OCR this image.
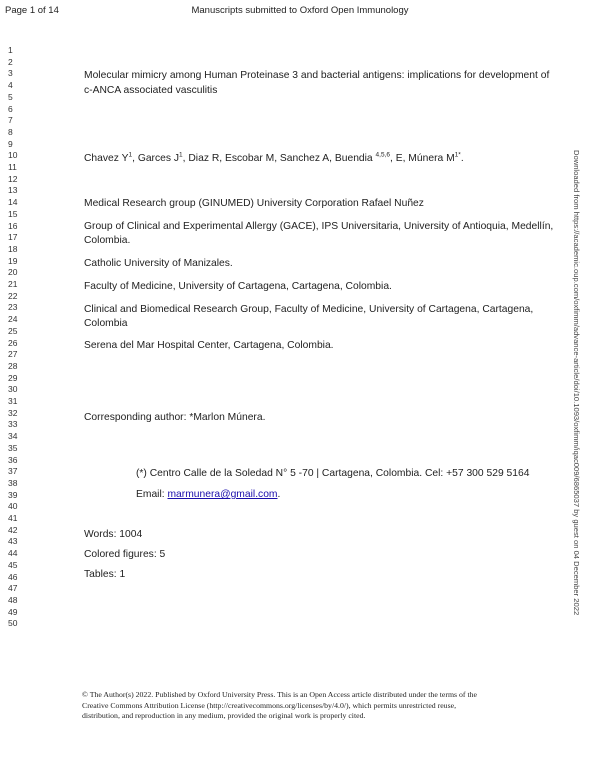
Page 1 of 14	Manuscripts submitted to Oxford Open Immunology
1
2
3
4
5
6
7
8
9
10
11
12
13
14
15
16
17
18
19
20
21
22
23
24
25
26
27
28
29
30
31
32
33
34
35
36
37
38
39
40
41
42
43
44
45
46
47
48
49
50
Molecular mimicry among Human Proteinase 3 and bacterial antigens: implications for development of
c-ANCA associated vasculitis
Chavez $Y^1$, Garces $J^1$, Diaz R, Escobar M, Sanchez A, Buendia $^{4,5,6}$, E, Múnera $M^{1*}$.
Medical Research group (GINUMED) University Corporation Rafael Nuñez
Group of Clinical and Experimental Allergy (GACE), IPS Universitaria, University of Antioquia, Medellín,
Colombia.
Catholic University of Manizales.
Faculty of Medicine, University of Cartagena, Cartagena, Colombia.
Clinical and Biomedical Research Group, Faculty of Medicine, University of Cartagena, Cartagena,
Colombia
Serena del Mar Hospital Center, Cartagena, Colombia.
Corresponding author: *Marlon Múnera.
(*) Centro Calle de la Soledad N° 5 -70 | Cartagena, Colombia. Cel: +57 300 529 5164
Email: marmunera@gmail.com.
Words: 1004
Colored figures: 5
Tables: 1	Downloaded from https://academic.oup.com/oxfimm/advance-article/doi/10.1093/oxfimm/iqac009/6865037 by guest on 04 December 2022
© The Author(s) 2022. Published by Oxford University Press. This is an Open Access article distributed under the terms of the
Creative Commons Attribution License (http://creativecommons.org/licenses/by/4.0/), which permits unrestricted reuse,
distribution, and reproduction in any medium, provided the original work is properly cited.
